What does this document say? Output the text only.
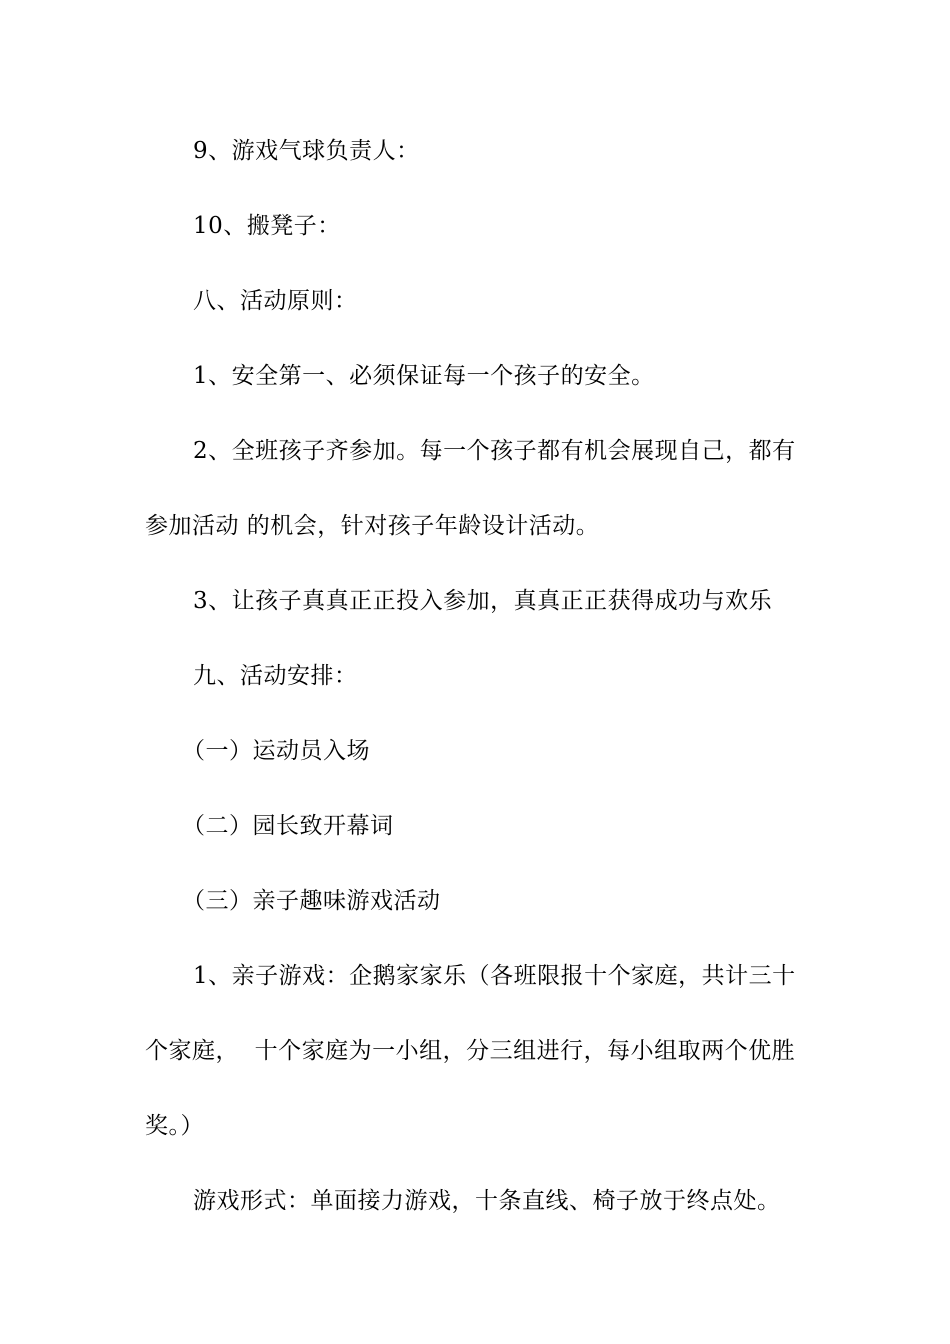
9、游戏气球负责人：
10、搬凳子：
八、活动原则：
1、安全第一、必须保证每一个孩子的安全。
2、全班孩子齐参加。每一个孩子都有机会展现自己，都有
参加活动 的机会，针对孩子年龄设计活动。
3、让孩子真真正正投入参加，真真正正获得成功与欢乐
九、活动安排：
（一）运动员入场
（二）园长致开幕词
（三）亲子趣味游戏活动
1、亲子游戏：企鹅家家乐（各班限报十个家庭，共计三十
个家庭，  十个家庭为一小组，分三组进行，每小组取两个优胜
奖。）
游戏形式：单面接力游戏，十条直线、椅子放于终点处。
